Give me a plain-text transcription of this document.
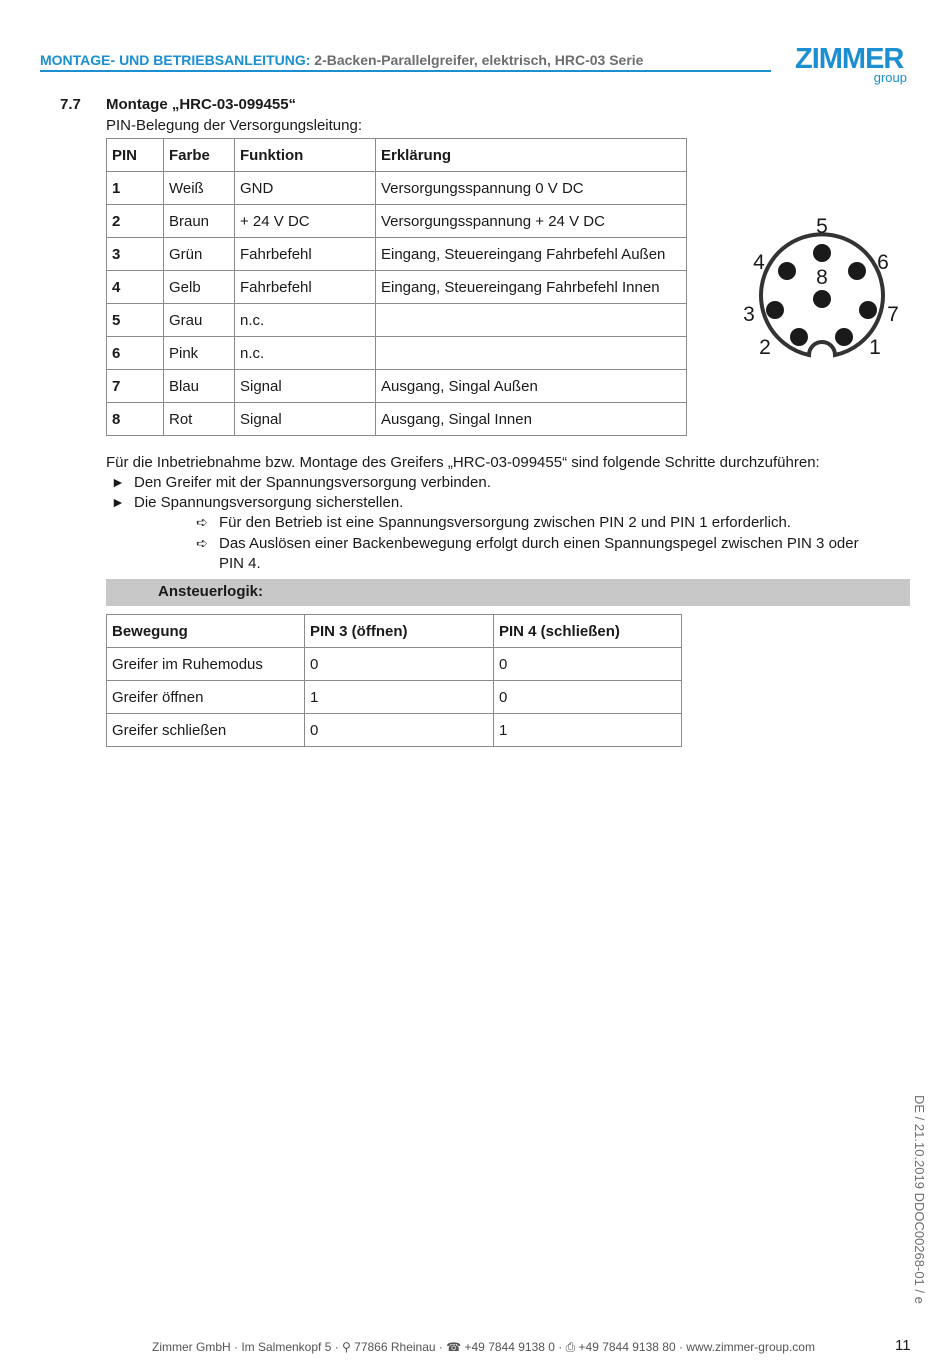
MONTAGE- UND BETRIEBSANLEITUNG: 2-Backen-Parallelgreifer, elektrisch, HRC-03 Serie	ZIMMER
group
7.7 Montage „HRC-03-099455“
PIN-Belegung der Versorgungsleitung:
PIN	Farbe	Funktion	Erklärung
1	Weiß	GND	Versorgungsspannung 0 V DC
2	Braun	+ 24 V DC	Versorgungsspannung + 24 V DC
3	Grün	Fahrbefehl	Eingang, Steuereingang Fahrbefehl Außen
4	Gelb	Fahrbefehl	Eingang, Steuereingang Fahrbefehl Innen
5	Grau	n.c.	
6	Pink	n.c.	
7	Blau	Signal	Ausgang, Singal Außen
8	Rot	Signal	Ausgang, Singal Innen
5
4	6
8
3	7
2	1
Für die Inbetriebnahme bzw. Montage des Greifers „HRC-03-099455“ sind folgende Schritte durchzuführen:
► Den Greifer mit der Spannungsversorgung verbinden.
► Die Spannungsversorgung sicherstellen.
➪ Für den Betrieb ist eine Spannungsversorgung zwischen PIN 2 und PIN 1 erforderlich.
➪ Das Auslösen einer Backenbewegung erfolgt durch einen Spannungspegel zwischen PIN 3 oder
PIN 4.
Ansteuerlogik:
Bewegung	PIN 3 (öffnen)	PIN 4 (schließen)
Greifer im Ruhemodus	0	0
Greifer öffnen	1	0
Greifer schließen	0	1
DE / 21.10.2019 DDOC00268-01 / e
Zimmer GmbH · Im Salmenkopf 5 · ⚲ 77866 Rheinau · ☎ +49 7844 9138 0 · ⎙ +49 7844 9138 80 · www.zimmer-group.com	11
